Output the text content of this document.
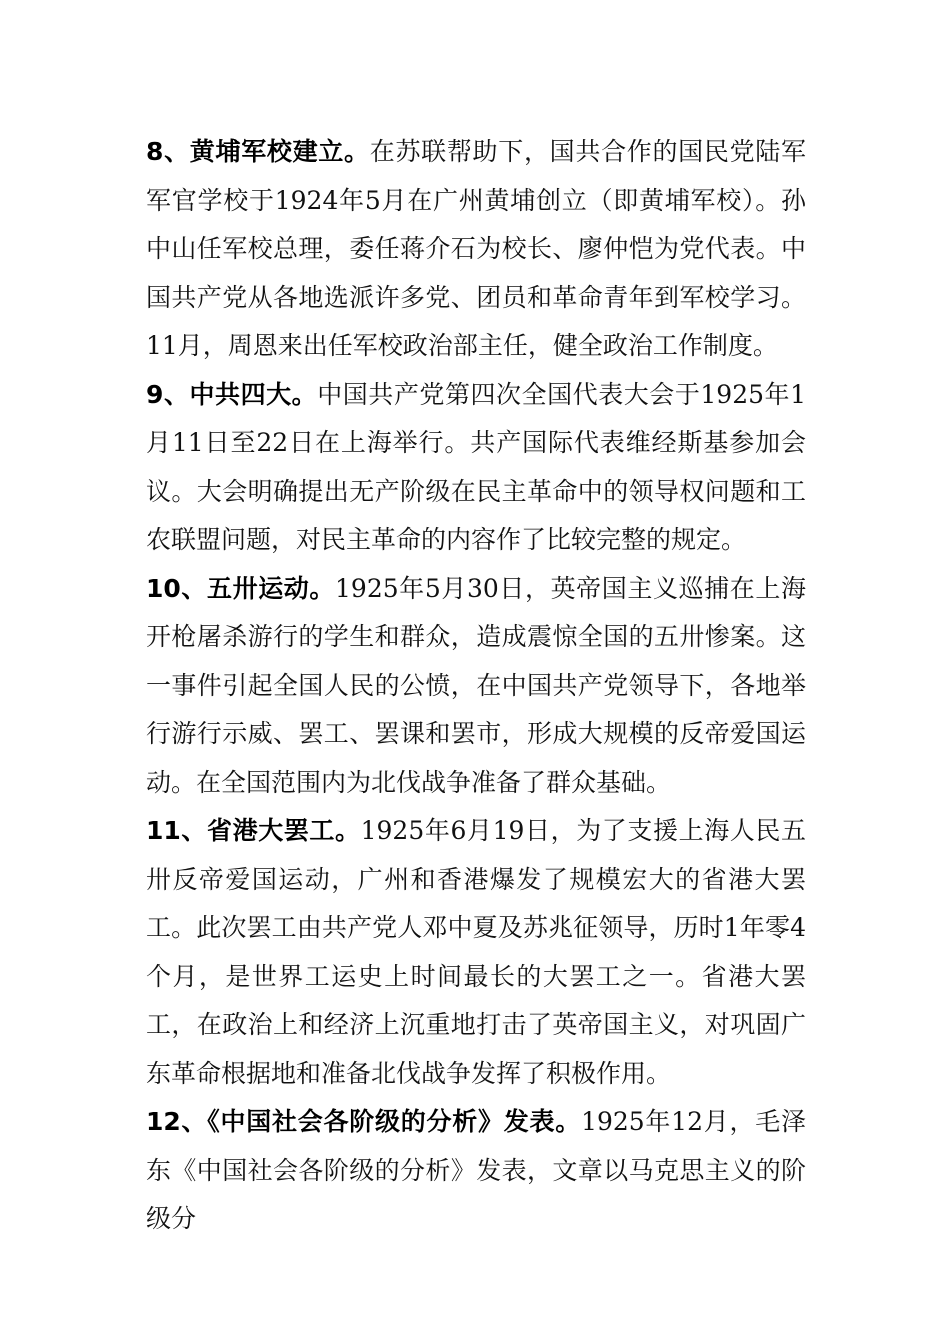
8、黄埔军校建立。在苏联帮助下，国共合作的国民党陆军军官学校于1924年5月在广州黄埔创立（即黄埔军校）。孙中山任军校总理，委任蒋介石为校长、廖仲恺为党代表。中国共产党从各地选派许多党、团员和革命青年到军校学习。11月，周恩来出任军校政治部主任，健全政治工作制度。

9、中共四大。中国共产党第四次全国代表大会于1925年1月11日至22日在上海举行。共产国际代表维经斯基参加会议。大会明确提出无产阶级在民主革命中的领导权问题和工农联盟问题，对民主革命的内容作了比较完整的规定。

10、五卅运动。1925年5月30日，英帝国主义巡捕在上海开枪屠杀游行的学生和群众，造成震惊全国的五卅惨案。这一事件引起全国人民的公愤，在中国共产党领导下，各地举行游行示威、罢工、罢课和罢市，形成大规模的反帝爱国运动。在全国范围内为北伐战争准备了群众基础。

11、省港大罢工。1925年6月19日，为了支援上海人民五卅反帝爱国运动，广州和香港爆发了规模宏大的省港大罢工。此次罢工由共产党人邓中夏及苏兆征领导，历时1年零4个月，是世界工运史上时间最长的大罢工之一。省港大罢工，在政治上和经济上沉重地打击了英帝国主义，对巩固广东革命根据地和准备北伐战争发挥了积极作用。

12、《中国社会各阶级的分析》发表。1925年12月，毛泽东《中国社会各阶级的分析》发表，文章以马克思主义的阶级分
